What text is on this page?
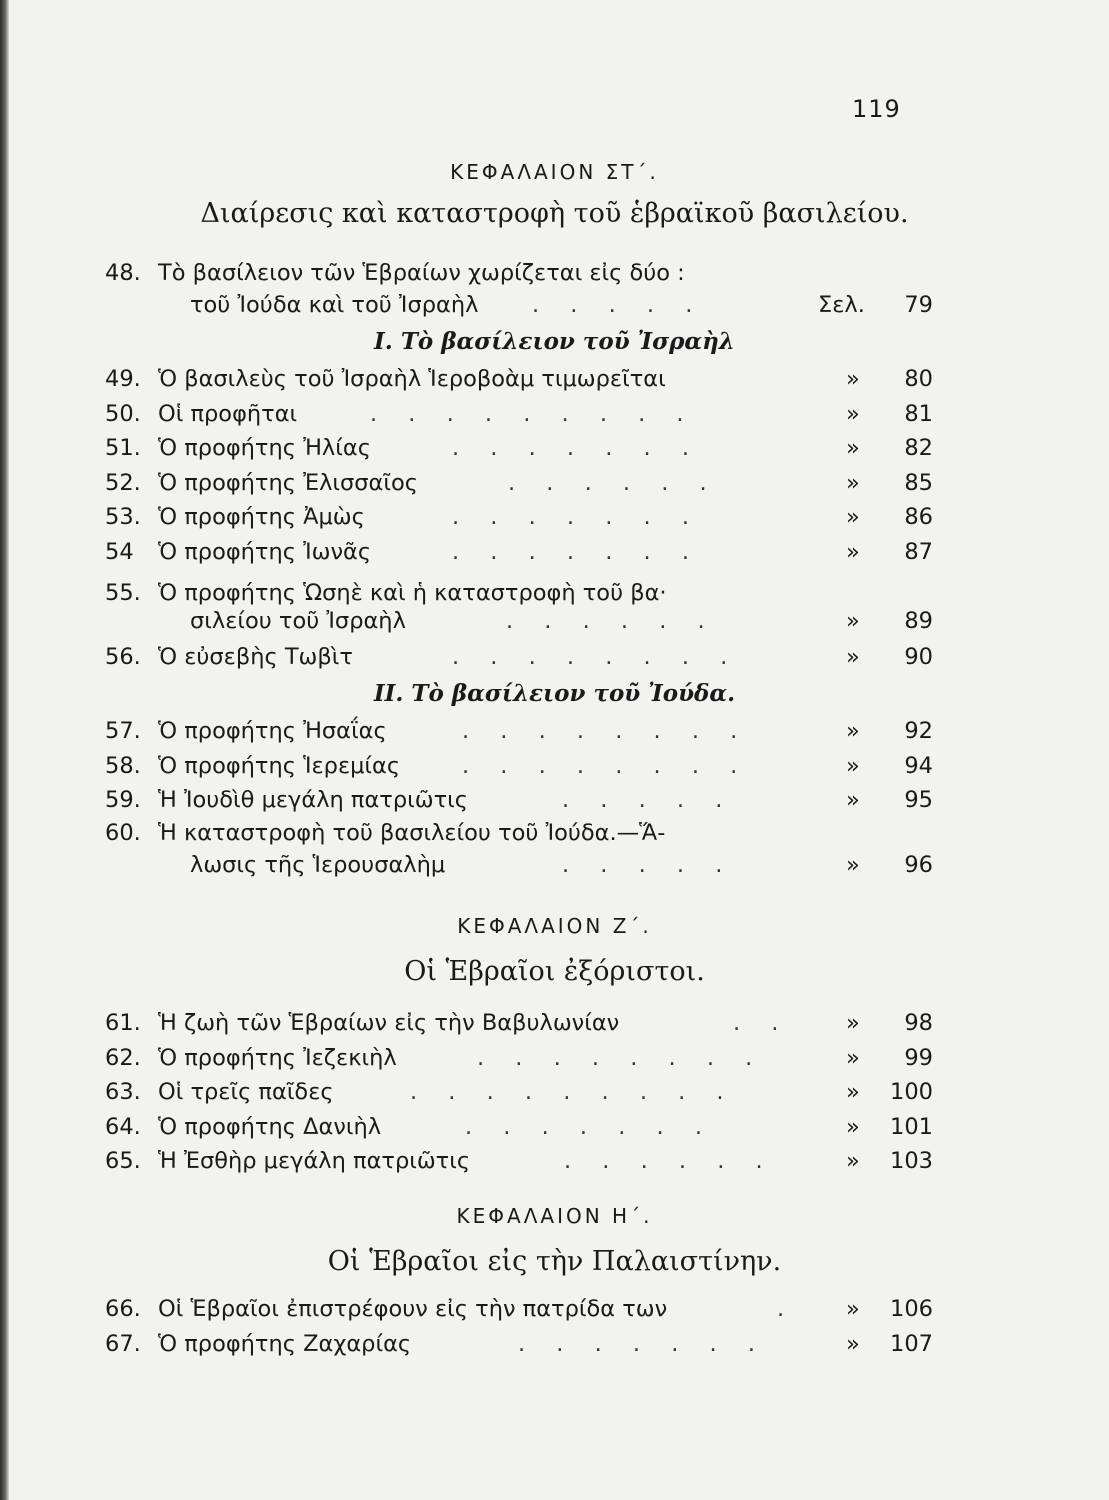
119
ΚΕΦΑΛΑΙΟΝ ΣΤ΄.
Διαίρεσις καὶ καταστροφὴ τοῦ ἑβραϊκοῦ βασιλείου.
48. Τὸ βασίλειον τῶν Ἑβραίων χωρίζεται εἰς δύο :
τοῦ Ἰούδα καὶ τοῦ Ἰσραὴλ . . . . .	Σελ. 79
Ι. Τὸ βασίλειον τοῦ Ἰσραὴλ
49. Ὁ βασιλεὺς τοῦ Ἰσραὴλ Ἱεροβοὰμ τιμωρεῖται	» 80
50. Οἱ προφῆται	. . . . . . . . .	» 81
51. Ὁ προφήτης Ἠλίας	. . . . . . .	» 82
52. Ὁ προφήτης Ἐλισσαῖος	. . . . . .	» 85
53. Ὁ προφήτης Ἀμὼς	. . . . . . .	» 86
54 Ὁ προφήτης Ἰωνᾶς	. . . . . . .	» 87
55. Ὁ προφήτης Ὡσηὲ καὶ ἡ καταστροφὴ τοῦ βα·
σιλείου τοῦ Ἰσραὴλ	. . . . . .	» 89
56. Ὁ εὐσεβὴς Τωβὶτ	. . . . . . . .	» 90
ΙΙ. Τὸ βασίλειον τοῦ Ἰούδα.
57. Ὁ προφήτης Ἠσαΐας	. . . . . . . .	» 92
58. Ὁ προφήτης Ἱερεμίας	. . . . . . . .	» 94
59. Ἡ Ἰουδὶθ μεγάλη πατριῶτις	. . . . .	» 95
60. Ἡ καταστροφὴ τοῦ βασιλείου τοῦ Ἰούδα.—Ἅ-
λωσις τῆς Ἱερουσαλὴμ	. . . . .	» 96
ΚΕΦΑΛΑΙΟΝ Ζ΄.
Οἱ Ἑβραῖοι ἐξόριστοι.
61. Ἡ ζωὴ τῶν Ἑβραίων εἰς τὴν Βαβυλωνίαν	. . » 98
62. Ὁ προφήτης Ἰεζεκιὴλ	. . . . . . . .	» 99
63. Οἱ τρεῖς παῖδες	. . . . . . . . .	» 100
64. Ὁ προφήτης Δανιὴλ	. . . . . . .	» 101
65. Ἡ Ἐσθὴρ μεγάλη πατριῶτις	. . . . . .	» 103
ΚΕΦΑΛΑΙΟΝ Η΄.
Οἱ Ἑβραῖοι εἰς τὴν Παλαιστίνην.
66. Οἱ Ἑβραῖοι ἐπιστρέφουν εἰς τὴν πατρίδα των	. » 106
67. Ὁ προφήτης Ζαχαρίας	. . . . . . .	» 107
